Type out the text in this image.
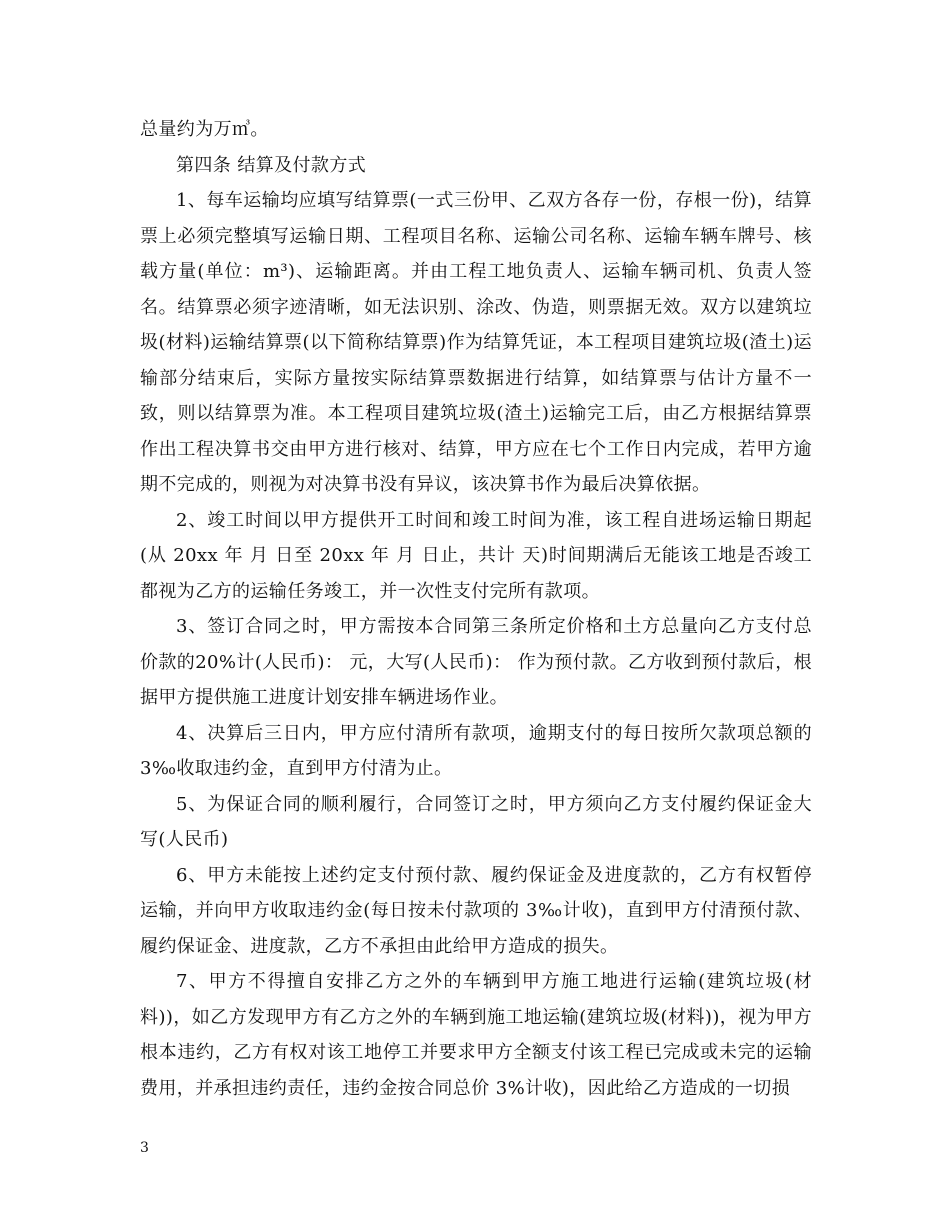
总量约为万㎥。

第四条 结算及付款方式

1、每车运输均应填写结算票(一式三份甲、乙双方各存一份，存根一份)，结算票上必须完整填写运输日期、工程项目名称、运输公司名称、运输车辆车牌号、核载方量(单位：m³)、运输距离。并由工程工地负责人、运输车辆司机、负责人签名。结算票必须字迹清晰，如无法识别、涂改、伪造，则票据无效。双方以建筑垃圾(材料)运输结算票(以下简称结算票)作为结算凭证，本工程项目建筑垃圾(渣土)运输部分结束后，实际方量按实际结算票数据进行结算，如结算票与估计方量不一致，则以结算票为准。本工程项目建筑垃圾(渣土)运输完工后，由乙方根据结算票作出工程决算书交由甲方进行核对、结算，甲方应在七个工作日内完成，若甲方逾期不完成的，则视为对决算书没有异议，该决算书作为最后决算依据。

2、竣工时间以甲方提供开工时间和竣工时间为准，该工程自进场运输日期起(从 20xx 年 月 日至 20xx 年 月 日止，共计 天)时间期满后无能该工地是否竣工都视为乙方的运输任务竣工，并一次性支付完所有款项。

3、签订合同之时，甲方需按本合同第三条所定价格和土方总量向乙方支付总价款的20%计(人民币)： 元，大写(人民币)： 作为预付款。乙方收到预付款后，根据甲方提供施工进度计划安排车辆进场作业。

4、决算后三日内，甲方应付清所有款项，逾期支付的每日按所欠款项总额的3‰收取违约金，直到甲方付清为止。

5、为保证合同的顺利履行，合同签订之时，甲方须向乙方支付履约保证金大写(人民币)

6、甲方未能按上述约定支付预付款、履约保证金及进度款的，乙方有权暂停运输，并向甲方收取违约金(每日按未付款项的 3‰计收)，直到甲方付清预付款、履约保证金、进度款，乙方不承担由此给甲方造成的损失。

7、甲方不得擅自安排乙方之外的车辆到甲方施工地进行运输(建筑垃圾(材料))，如乙方发现甲方有乙方之外的车辆到施工地运输(建筑垃圾(材料))，视为甲方根本违约，乙方有权对该工地停工并要求甲方全额支付该工程已完成或未完的运输费用，并承担违约责任，违约金按合同总价 3%计收)，因此给乙方造成的一切损

3
